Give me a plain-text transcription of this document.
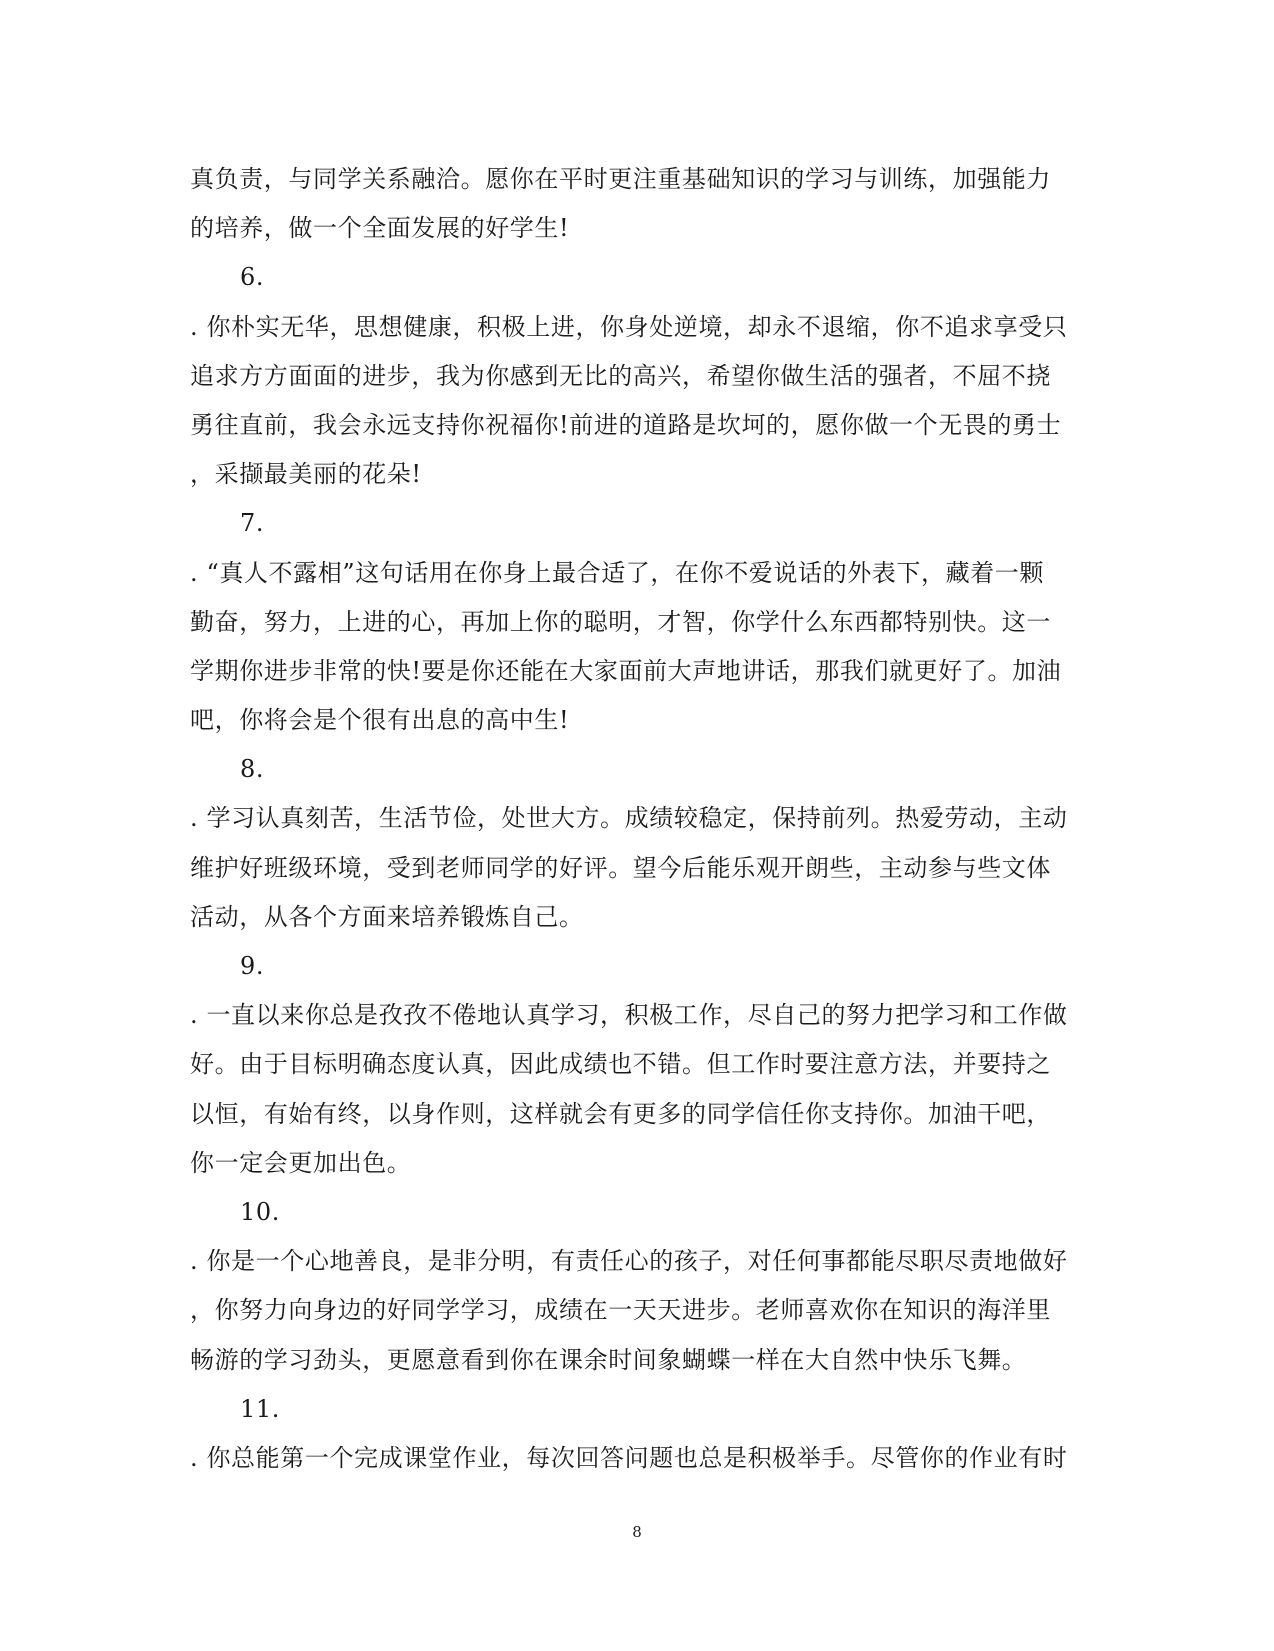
真负责，与同学关系融洽。愿你在平时更注重基础知识的学习与训练，加强能力
的培养，做一个全面发展的好学生!
6.
. 你朴实无华，思想健康，积极上进，你身处逆境，却永不退缩，你不追求享受只
追求方方面面的进步，我为你感到无比的高兴，希望你做生活的强者，不屈不挠
勇往直前，我会永远支持你祝福你!前进的道路是坎坷的，愿你做一个无畏的勇士
，采撷最美丽的花朵!
7.
. “真人不露相”这句话用在你身上最合适了，在你不爱说话的外表下，藏着一颗
勤奋，努力，上进的心，再加上你的聪明，才智，你学什么东西都特别快。这一
学期你进步非常的快!要是你还能在大家面前大声地讲话，那我们就更好了。加油
吧，你将会是个很有出息的高中生!
8.
. 学习认真刻苦，生活节俭，处世大方。成绩较稳定，保持前列。热爱劳动，主动
维护好班级环境，受到老师同学的好评。望今后能乐观开朗些，主动参与些文体
活动，从各个方面来培养锻炼自己。
9.
. 一直以来你总是孜孜不倦地认真学习，积极工作，尽自己的努力把学习和工作做
好。由于目标明确态度认真，因此成绩也不错。但工作时要注意方法，并要持之
以恒，有始有终，以身作则，这样就会有更多的同学信任你支持你。加油干吧，
你一定会更加出色。
10.
. 你是一个心地善良，是非分明，有责任心的孩子，对任何事都能尽职尽责地做好
，你努力向身边的好同学学习，成绩在一天天进步。老师喜欢你在知识的海洋里
畅游的学习劲头，更愿意看到你在课余时间象蝴蝶一样在大自然中快乐飞舞。
11.
. 你总能第一个完成课堂作业，每次回答问题也总是积极举手。尽管你的作业有时
8
